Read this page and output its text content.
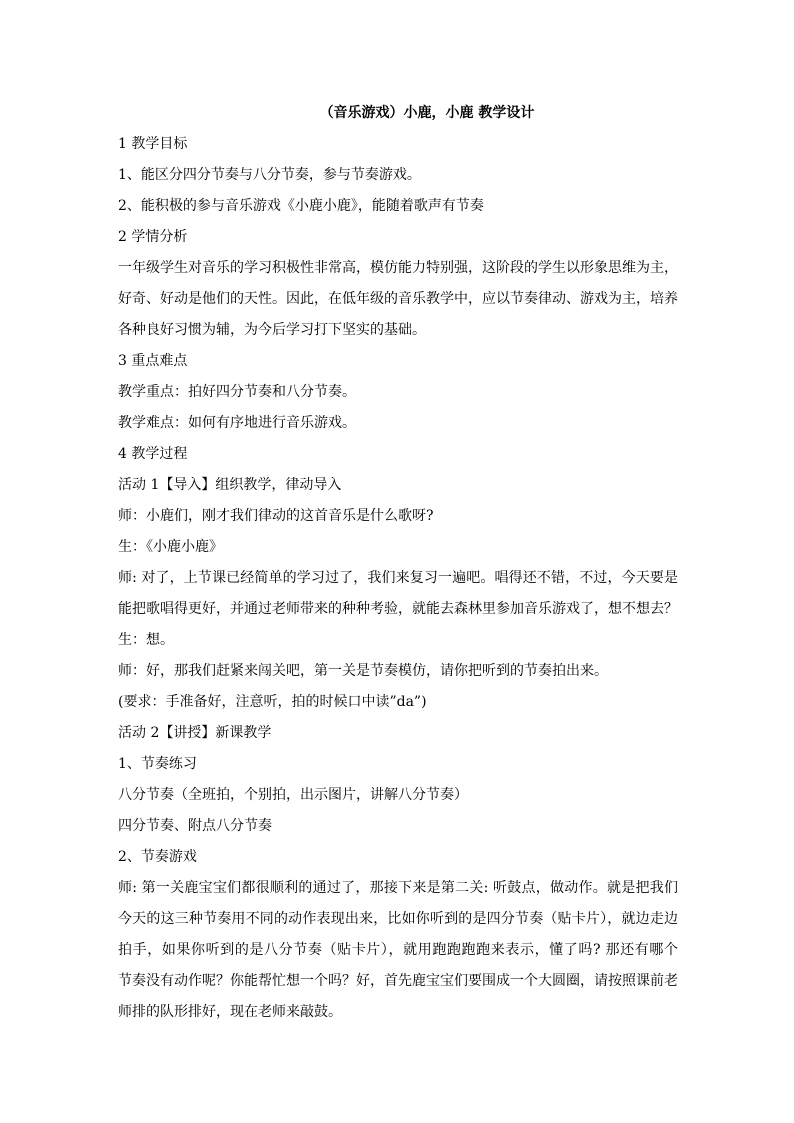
（音乐游戏）小鹿，小鹿 教学设计

1 教学目标

1、能区分四分节奏与八分节奏，参与节奏游戏。

2、能积极的参与音乐游戏《小鹿小鹿》，能随着歌声有节奏

2 学情分析

一年级学生对音乐的学习积极性非常高，模仿能力特别强，这阶段的学生以形象思维为主，

好奇、好动是他们的天性。因此，在低年级的音乐教学中，应以节奏律动、游戏为主，培养

各种良好习惯为辅，为今后学习打下坚实的基础。

3 重点难点

教学重点：拍好四分节奏和八分节奏。

教学难点：如何有序地进行音乐游戏。

4 教学过程

活动 1【导入】组织教学，律动导入

师：小鹿们，刚才我们律动的这首音乐是什么歌呀?

生：《小鹿小鹿》

师: 对了，上节课已经简单的学习过了，我们来复习一遍吧。唱得还不错，不过，今天要是

能把歌唱得更好，并通过老师带来的种种考验，就能去森林里参加音乐游戏了，想不想去？

生：想。

师：好，那我们赶紧来闯关吧，第一关是节奏模仿，请你把听到的节奏拍出来。

(要求：手准备好，注意听，拍的时候口中读”da”)

活动 2【讲授】新课教学

1、节奏练习

八分节奏（全班拍，个别拍，出示图片，讲解八分节奏）

四分节奏、附点八分节奏

2、节奏游戏

师: 第一关鹿宝宝们都很顺利的通过了，那接下来是第二关: 听鼓点，做动作。就是把我们

今天的这三种节奏用不同的动作表现出来，比如你听到的是四分节奏（贴卡片），就边走边

拍手，如果你听到的是八分节奏（贴卡片），就用跑跑跑跑来表示，懂了吗? 那还有哪个

节奏没有动作呢？你能帮忙想一个吗？好，首先鹿宝宝们要围成一个大圆圈，请按照课前老

师排的队形排好，现在老师来敲鼓。
